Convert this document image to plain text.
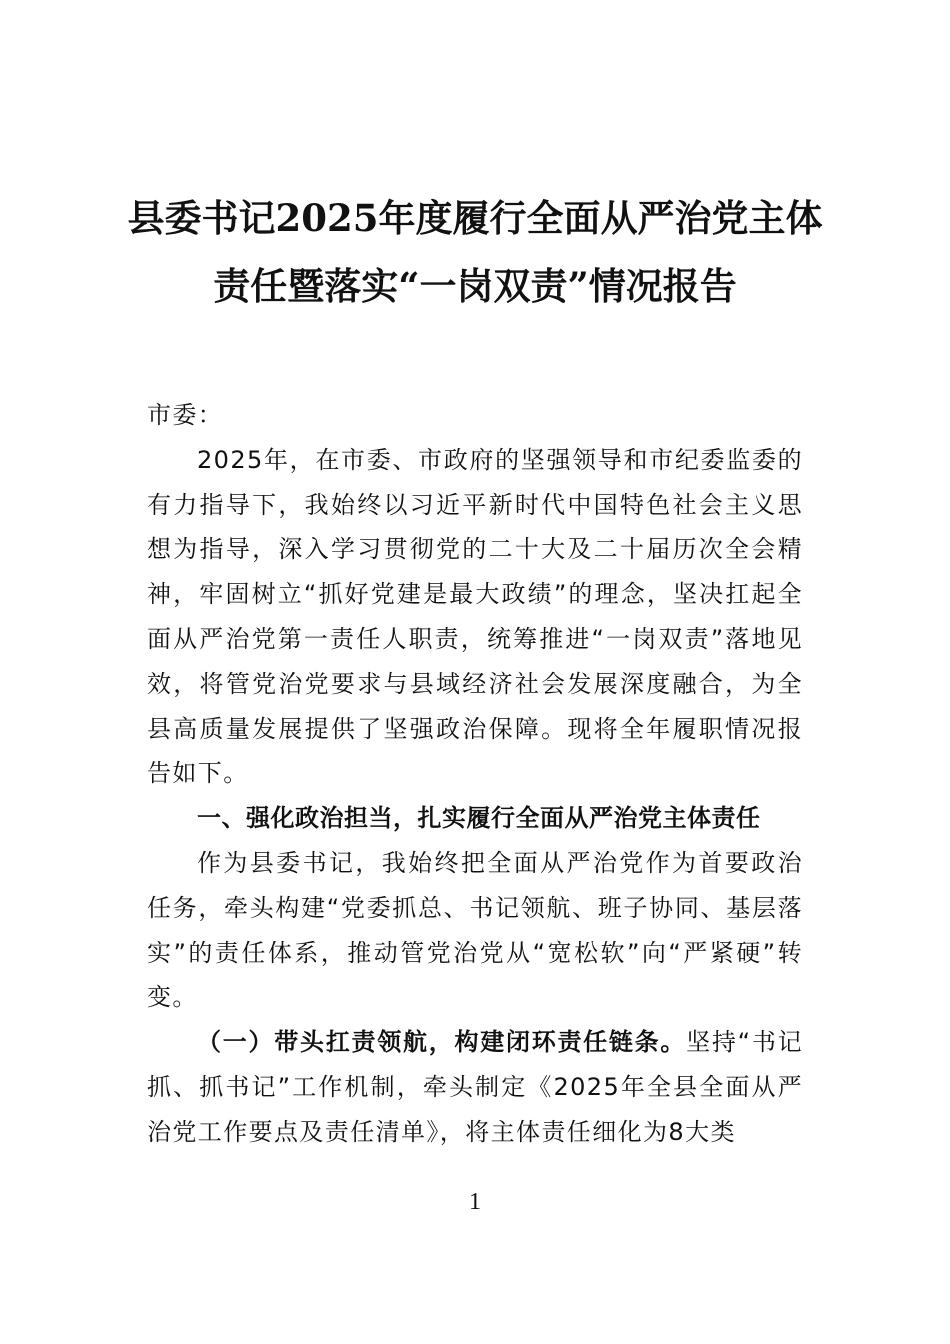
县委书记2025年度履行全面从严治党主体
责任暨落实“一岗双责”情况报告

市委：

2025年，在市委、市政府的坚强领导和市纪委监委的有力指导下，我始终以习近平新时代中国特色社会主义思想为指导，深入学习贯彻党的二十大及二十届历次全会精神，牢固树立“抓好党建是最大政绩”的理念，坚决扛起全面从严治党第一责任人职责，统筹推进“一岗双责”落地见效，将管党治党要求与县域经济社会发展深度融合，为全县高质量发展提供了坚强政治保障。现将全年履职情况报告如下。

一、强化政治担当，扎实履行全面从严治党主体责任

作为县委书记，我始终把全面从严治党作为首要政治任务，牵头构建“党委抓总、书记领航、班子协同、基层落实”的责任体系，推动管党治党从“宽松软”向“严紧硬”转变。

（一）带头扛责领航，构建闭环责任链条。坚持“书记抓、抓书记”工作机制，牵头制定《2025年全县全面从严治党工作要点及责任清单》，将主体责任细化为8大类

1
